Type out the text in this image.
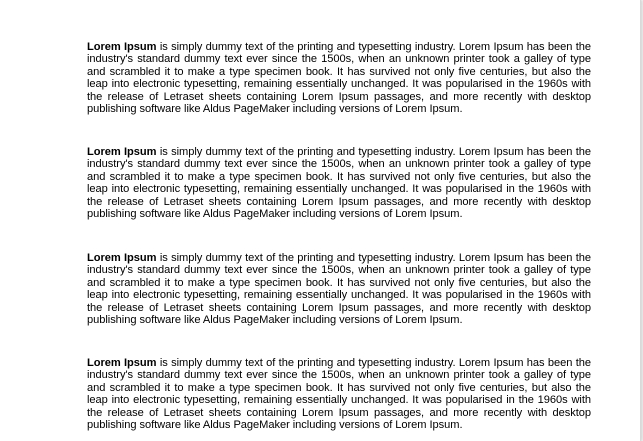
Lorem Ipsum is simply dummy text of the printing and typesetting industry. Lorem Ipsum has been the industry's standard dummy text ever since the 1500s, when an unknown printer took a galley of type and scrambled it to make a type specimen book. It has survived not only five centuries, but also the leap into electronic typesetting, remaining essentially unchanged. It was popularised in the 1960s with the release of Letraset sheets containing Lorem Ipsum passages, and more recently with desktop publishing software like Aldus PageMaker including versions of Lorem Ipsum.

Lorem Ipsum is simply dummy text of the printing and typesetting industry. Lorem Ipsum has been the industry's standard dummy text ever since the 1500s, when an unknown printer took a galley of type and scrambled it to make a type specimen book. It has survived not only five centuries, but also the leap into electronic typesetting, remaining essentially unchanged. It was popularised in the 1960s with the release of Letraset sheets containing Lorem Ipsum passages, and more recently with desktop publishing software like Aldus PageMaker including versions of Lorem Ipsum.

Lorem Ipsum is simply dummy text of the printing and typesetting industry. Lorem Ipsum has been the industry's standard dummy text ever since the 1500s, when an unknown printer took a galley of type and scrambled it to make a type specimen book. It has survived not only five centuries, but also the leap into electronic typesetting, remaining essentially unchanged. It was popularised in the 1960s with the release of Letraset sheets containing Lorem Ipsum passages, and more recently with desktop publishing software like Aldus PageMaker including versions of Lorem Ipsum.

Lorem Ipsum is simply dummy text of the printing and typesetting industry. Lorem Ipsum has been the industry's standard dummy text ever since the 1500s, when an unknown printer took a galley of type and scrambled it to make a type specimen book. It has survived not only five centuries, but also the leap into electronic typesetting, remaining essentially unchanged. It was popularised in the 1960s with the release of Letraset sheets containing Lorem Ipsum passages, and more recently with desktop publishing software like Aldus PageMaker including versions of Lorem Ipsum.
